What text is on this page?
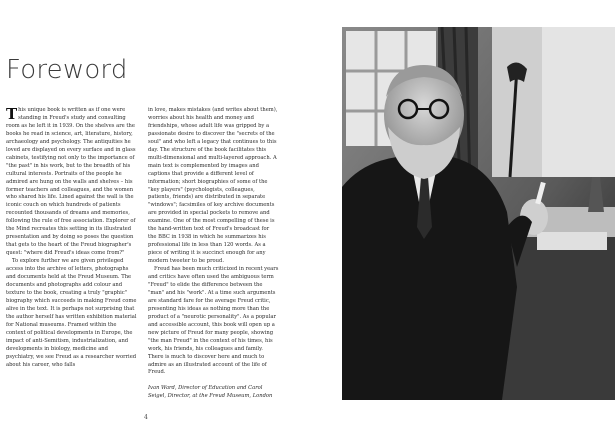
Foreword

This unique book is written as if one were standing in Freud's study and consulting room as he left it in 1939. On the shelves are the books he read in science, art, literature, history, archaeology and psychology. The antiquities he loved are displayed on every surface and in glass cabinets, testifying not only to the importance of "the past" in his work, but to the breadth of his cultural interests. Portraits of the people he admired are hung on the walls and shelves – his former teachers and colleagues, and the women who shared his life. Lined against the wall is the iconic couch on which hundreds of patients recounted thousands of dreams and memories, following the rule of free association. Explorer of the Mind recreates this setting in its illustrated presentation and by doing so poses the question that gets to the heart of the Freud biographer's quest: "where did Freud's ideas come from?"

To explore further we are given privileged access into the archive of letters, photographs and documents held at the Freud Museum. The documents and photographs add colour and texture to the book, creating a truly "graphic" biography which succeeds in making Freud come alive in the text. It is perhaps not surprising that the author herself has written exhibition material for National museums. Framed within the context of political developments in Europe, the impact of anti-Semitism, industrialization, and developments in biology, medicine and psychiatry, we see Freud as a researcher worried about his career, who falls

in love, makes mistakes (and writes about them), worries about his health and money and friendships, whose adult life was gripped by a passionate desire to discover the "secrets of the soul" and who left a legacy that continues to this day. The structure of the book facilitates this multi-dimensional and multi-layered approach. A main text is complemented by images and captions that provide a different level of information; short biographies of some of the "key players" (psychologists, colleagues, patients, friends) are distributed in separate "windows"; facsimiles of key archive documents are provided in special pockets to remove and examine. One of the most compelling of these is the hand-written text of Freud's broadcast for the BBC in 1938 in which he summarizes his professional life in less than 120 words. As a piece of writing it is succinct enough for any modern tweeter to be proud.

Freud has been much criticized in recent years and critics have often used the ambiguous term "Freud" to elide the difference between the "man" and his "work". At a time such arguments are standard fare for the average Freud critic, presenting his ideas as nothing more than the product of a "neurotic personality". As a popular and accessible account, this book will open up a new picture of Freud for many people, showing "the man Freud" in the context of his times, his work, his friends, his colleagues and family. There is much to discover here and much to admire as an illustrated account of the life of Freud.

Ivan Ward, Director of Education and Carol Seigel, Director, at the Freud Museum, London

4
